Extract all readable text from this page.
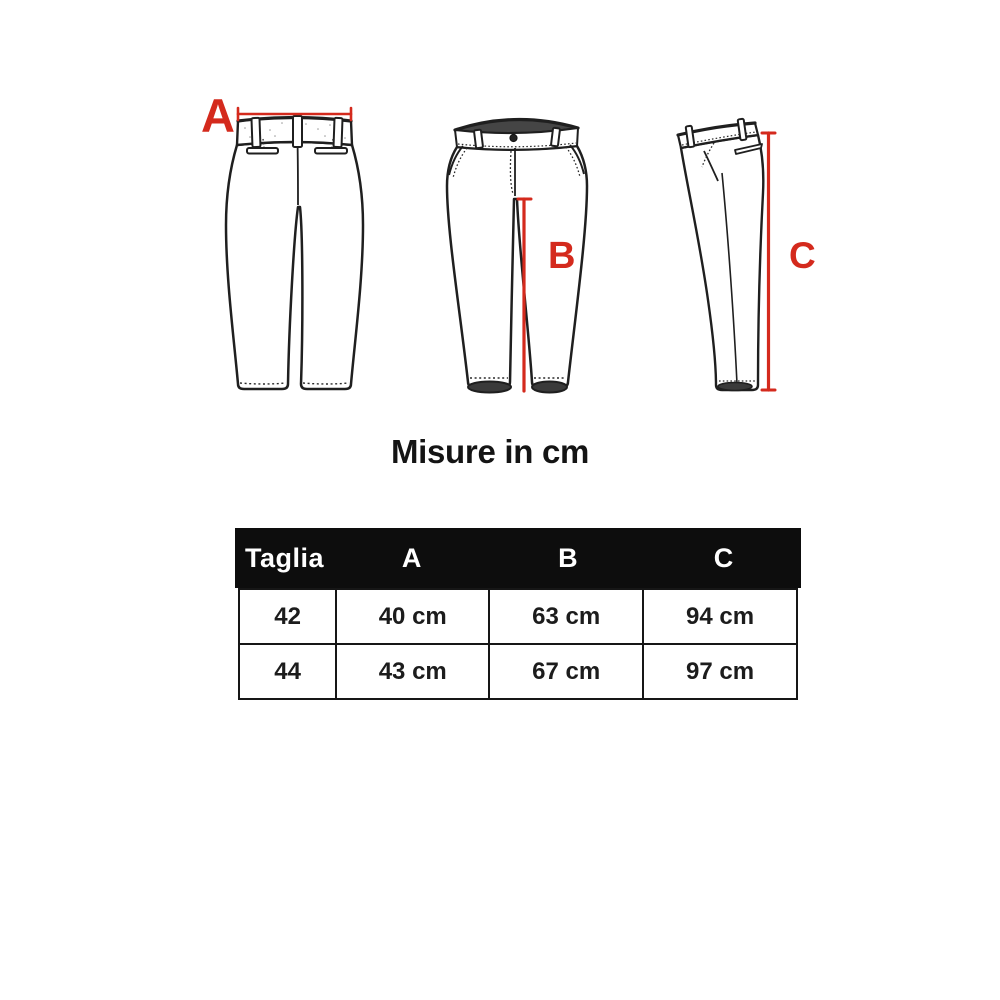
A
B	C
Misure in cm
Taglia	A	B	C
42	40 cm	63 cm	94 cm
44	43 cm	67 cm	97 cm
